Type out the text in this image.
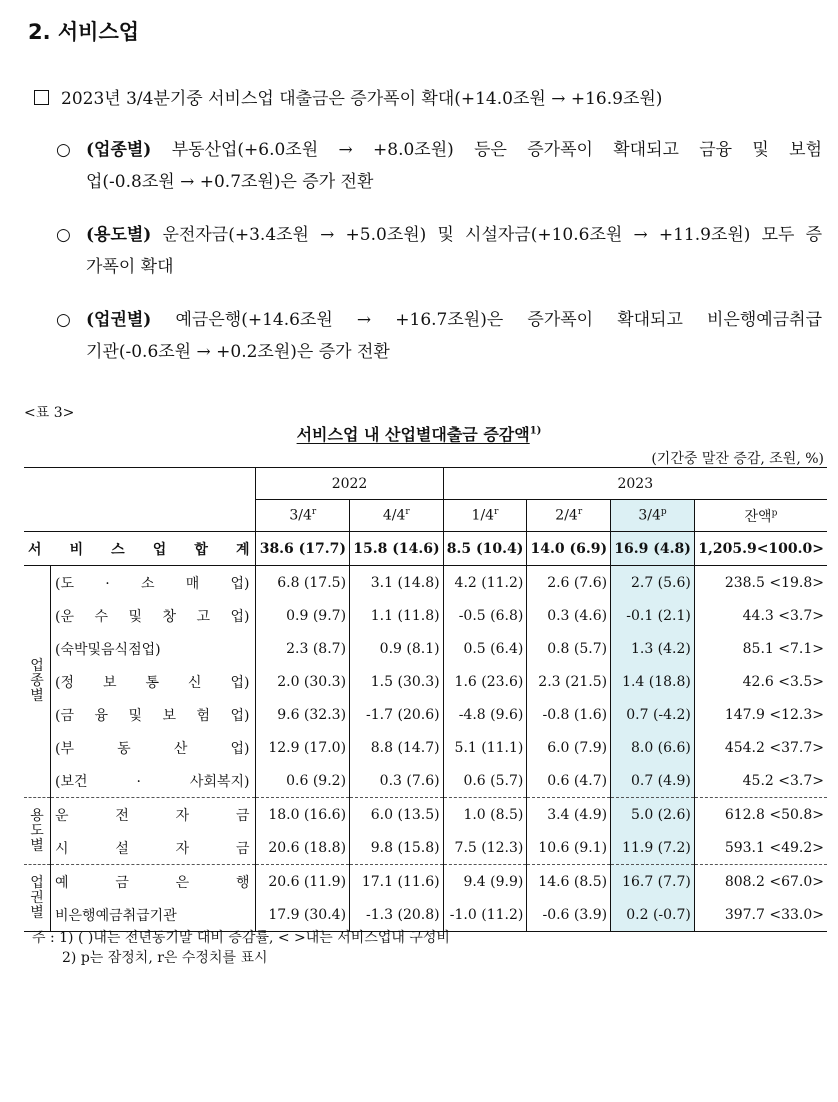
2. 서비스업
2023년 3/4분기중 서비스업 대출금은 증가폭이 확대(+14.0조원 → +16.9조원)
○ (업종별) 부동산업(+6.0조원 → +8.0조원) 등은 증가폭이 확대되고 금융 및 보험
업(-0.8조원 → +0.7조원)은 증가 전환
○ (용도별) 운전자금(+3.4조원 → +5.0조원) 및 시설자금(+10.6조원 → +11.9조원) 모두 증
가폭이 확대
○ (업권별) 예금은행(+14.6조원 → +16.7조원)은 증가폭이 확대되고 비은행예금취급
기관(-0.6조원 → +0.2조원)은 증가 전환
<표 3>
서비스업 내 산업별대출금 증감액$^{1)}$
(기간중 말잔 증감, 조원, %)
		2022		2023			
		3/4$^r$	4/4$^r$	1/4$^r$	2/4$^r$	3/4$^p$	잔액$^p$
서 비 스 업 합 계		38.6 (17.7)	15.8 (14.6)	8.5 (10.4)	14.0 (6.9)	16.9 (4.8)	1,205.9<100.0>
업
종
별	(도 · 소 매 업)	6.8 (17.5)	3.1 (14.8)	4.2 (11.2)	2.6 (7.6)	2.7 (5.6)	238.5 <19.8>
	(운 수 및 창 고 업)	0.9 (9.7)	1.1 (11.8)	-0.5 (6.8)	0.3 (4.6)	-0.1 (2.1)	44.3 <3.7>
	(숙박및음식점업)	2.3 (8.7)	0.9 (8.1)	0.5 (6.4)	0.8 (5.7)	1.3 (4.2)	85.1 <7.1>
	(정 보 통 신 업)	2.0 (30.3)	1.5 (30.3)	1.6 (23.6)	2.3 (21.5)	1.4 (18.8)	42.6 <3.5>
	(금 융 및 보 험 업)	9.6 (32.3)	-1.7 (20.6)	-4.8 (9.6)	-0.8 (1.6)	0.7 (-4.2)	147.9 <12.3>
	(부 동 산 업)	12.9 (17.0)	8.8 (14.7)	5.1 (11.1)	6.0 (7.9)	8.0 (6.6)	454.2 <37.7>
	(보건 · 사회복지)	0.6 (9.2)	0.3 (7.6)	0.6 (5.7)	0.6 (4.7)	0.7 (4.9)	45.2 <3.7>
용
도
별	운 전 자 금	18.0 (16.6)	6.0 (13.5)	1.0 (8.5)	3.4 (4.9)	5.0 (2.6)	612.8 <50.8>
	시 설 자 금	20.6 (18.8)	9.8 (15.8)	7.5 (12.3)	10.6 (9.1)	11.9 (7.2)	593.1 <49.2>
업
권
별	예 금 은 행	20.6 (11.9)	17.1 (11.6)	9.4 (9.9)	14.6 (8.5)	16.7 (7.7)	808.2 <67.0>
	비은행예금취급기관	17.9 (30.4)	-1.3 (20.8)	-1.0 (11.2)	-0.6 (3.9)	0.2 (-0.7)	397.7 <33.0>
주 : 1) ( )내는 전년동기말 대비 증감률, < >내는 서비스업내 구성비
2) p는 잠정치, r은 수정치를 표시
